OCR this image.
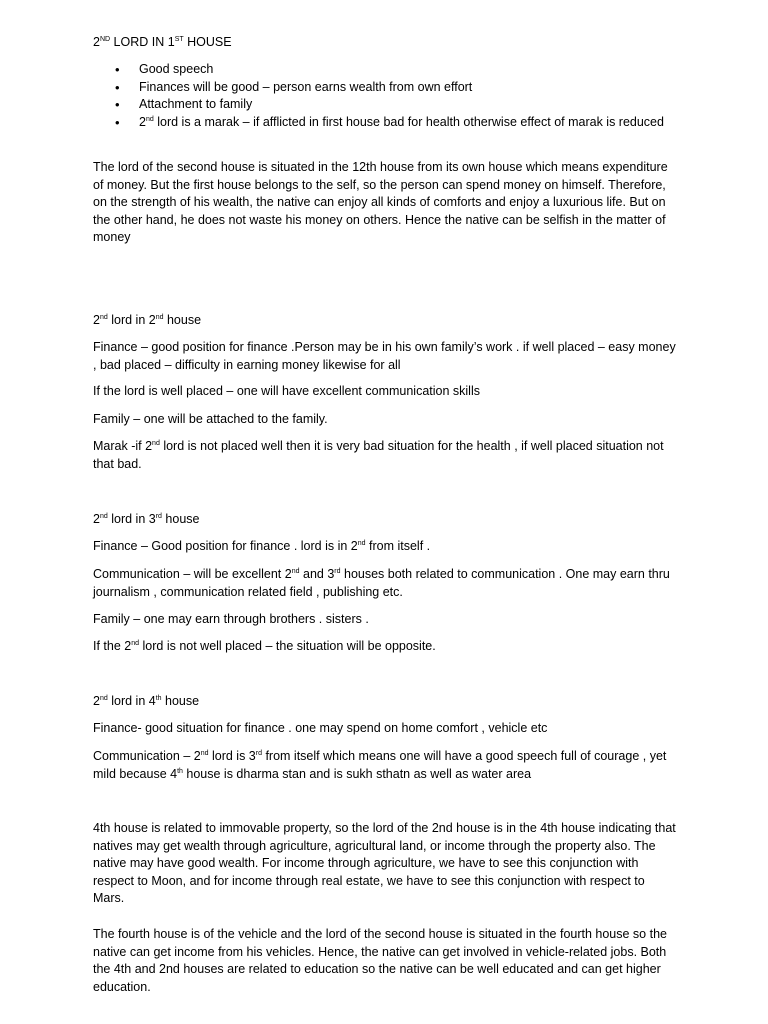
2ND LORD IN 1ST HOUSE
• Good speech
• Finances will be good – person earns wealth from own effort
• Attachment to family
• 2nd lord is a marak – if afflicted in first house bad for health otherwise effect of marak is reduced

The lord of the second house is situated in the 12th house from its own house which means expenditure of money. But the first house belongs to the self, so the person can spend money on himself. Therefore, on the strength of his wealth, the native can enjoy all kinds of comforts and enjoy a luxurious life. But on the other hand, he does not waste his money on others. Hence the native can be selfish in the matter of money

2nd lord in 2nd house

Finance – good position for finance .Person may be in his own family’s work . if well placed – easy money , bad placed – difficulty in earning money likewise for all

If the lord is well placed – one will have excellent communication skills

Family – one will be attached to the family.

Marak -if 2nd lord is not placed well then it is very bad situation for the health , if well placed situation not that bad.

2nd lord in 3rd house

Finance – Good position for finance . lord is in 2nd from itself .

Communication – will be excellent 2nd and 3rd houses both related to communication . One may earn thru journalism , communication related field , publishing etc.

Family – one may earn through brothers . sisters .

If the 2nd lord is not well placed – the situation will be opposite.

2nd lord in 4th house

Finance- good situation for finance . one may spend on home comfort , vehicle etc

Communication – 2nd lord is 3rd from itself which means one will have a good speech full of courage , yet mild because 4th house is dharma stan and is sukh sthatn as well as water area

4th house is related to immovable property, so the lord of the 2nd house is in the 4th house indicating that natives may get wealth through agriculture, agricultural land, or income through the property also. The native may have good wealth. For income through agriculture, we have to see this conjunction with respect to Moon, and for income through real estate, we have to see this conjunction with respect to Mars.

The fourth house is of the vehicle and the lord of the second house is situated in the fourth house so the native can get income from his vehicles. Hence, the native can get involved in vehicle-related jobs. Both the 4th and 2nd houses are related to education so the native can be well educated and can get higher education.
